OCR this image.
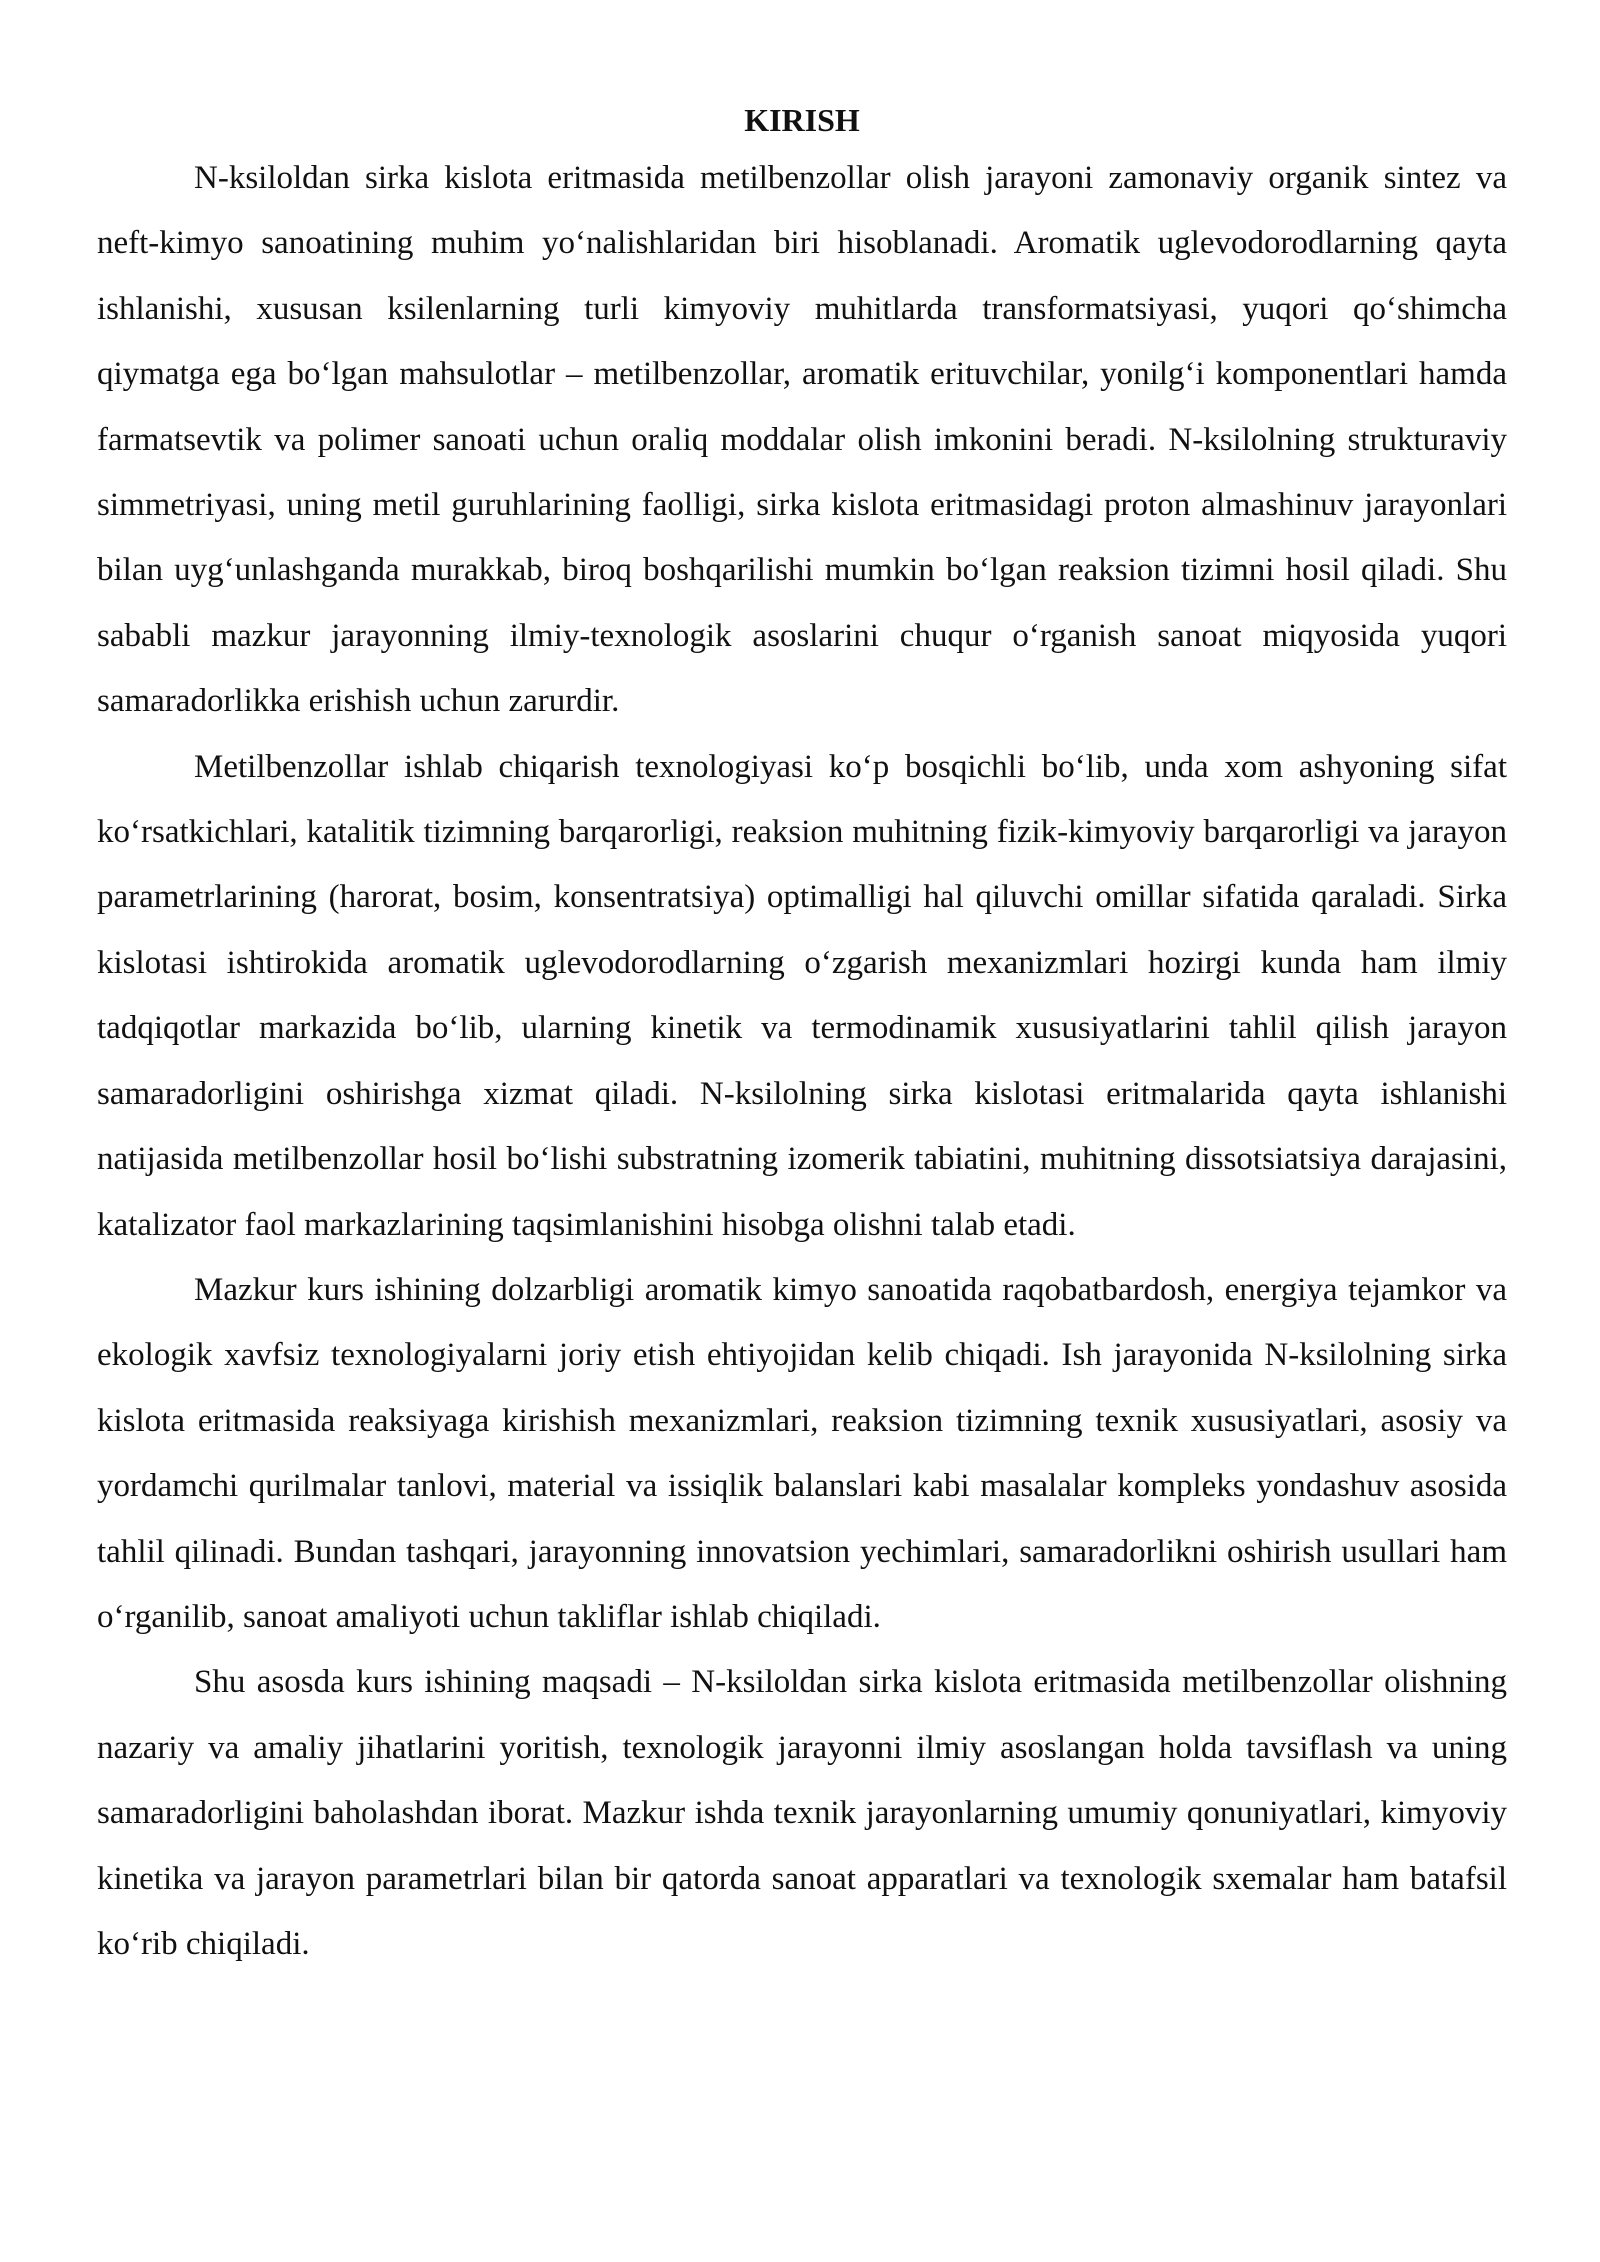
KIRISH

N-ksiloldan sirka kislota eritmasida metilbenzollar olish jarayoni zamonaviy organik sintez va neft-kimyo sanoatining muhim yo‘nalishlaridan biri hisoblanadi. Aromatik uglevodorodlarning qayta ishlanishi, xususan ksilenlarning turli kimyoviy muhitlarda transformatsiyasi, yuqori qo‘shimcha qiymatga ega bo‘lgan mahsulotlar – metilbenzollar, aromatik erituvchilar, yonilg‘i komponentlari hamda farmatsevtik va polimer sanoati uchun oraliq moddalar olish imkonini beradi. N-ksilolning strukturaviy simmetriyasi, uning metil guruhlarining faolligi, sirka kislota eritmasidagi proton almashinuv jarayonlari bilan uyg‘unlashganda murakkab, biroq boshqarilishi mumkin bo‘lgan reaksion tizimni hosil qiladi. Shu sababli mazkur jarayonning ilmiy-texnologik asoslarini chuqur o‘rganish sanoat miqyosida yuqori samaradorlikka erishish uchun zarurdir.

Metilbenzollar ishlab chiqarish texnologiyasi ko‘p bosqichli bo‘lib, unda xom ashyoning sifat ko‘rsatkichlari, katalitik tizimning barqarorligi, reaksion muhitning fizik-kimyoviy barqarorligi va jarayon parametrlarining (harorat, bosim, konsentratsiya) optimalligi hal qiluvchi omillar sifatida qaraladi. Sirka kislotasi ishtirokida aromatik uglevodorodlarning o‘zgarish mexanizmlari hozirgi kunda ham ilmiy tadqiqotlar markazida bo‘lib, ularning kinetik va termodinamik xususiyatlarini tahlil qilish jarayon samaradorligini oshirishga xizmat qiladi. N-ksilolning sirka kislotasi eritmalarida qayta ishlanishi natijasida metilbenzollar hosil bo‘lishi substratning izomerik tabiatini, muhitning dissotsiatsiya darajasini, katalizator faol markazlarining taqsimlanishini hisobga olishni talab etadi.

Mazkur kurs ishining dolzarbligi aromatik kimyo sanoatida raqobatbardosh, energiya tejamkor va ekologik xavfsiz texnologiyalarni joriy etish ehtiyojidan kelib chiqadi. Ish jarayonida N-ksilolning sirka kislota eritmasida reaksiyaga kirishish mexanizmlari, reaksion tizimning texnik xususiyatlari, asosiy va yordamchi qurilmalar tanlovi, material va issiqlik balanslari kabi masalalar kompleks yondashuv asosida tahlil qilinadi. Bundan tashqari, jarayonning innovatsion yechimlari, samaradorlikni oshirish usullari ham o‘rganilib, sanoat amaliyoti uchun takliflar ishlab chiqiladi.

Shu asosda kurs ishining maqsadi – N-ksiloldan sirka kislota eritmasida metilbenzollar olishning nazariy va amaliy jihatlarini yoritish, texnologik jarayonni ilmiy asoslangan holda tavsiflash va uning samaradorligini baholashdan iborat. Mazkur ishda texnik jarayonlarning umumiy qonuniyatlari, kimyoviy kinetika va jarayon parametrlari bilan bir qatorda sanoat apparatlari va texnologik sxemalar ham batafsil ko‘rib chiqiladi.
